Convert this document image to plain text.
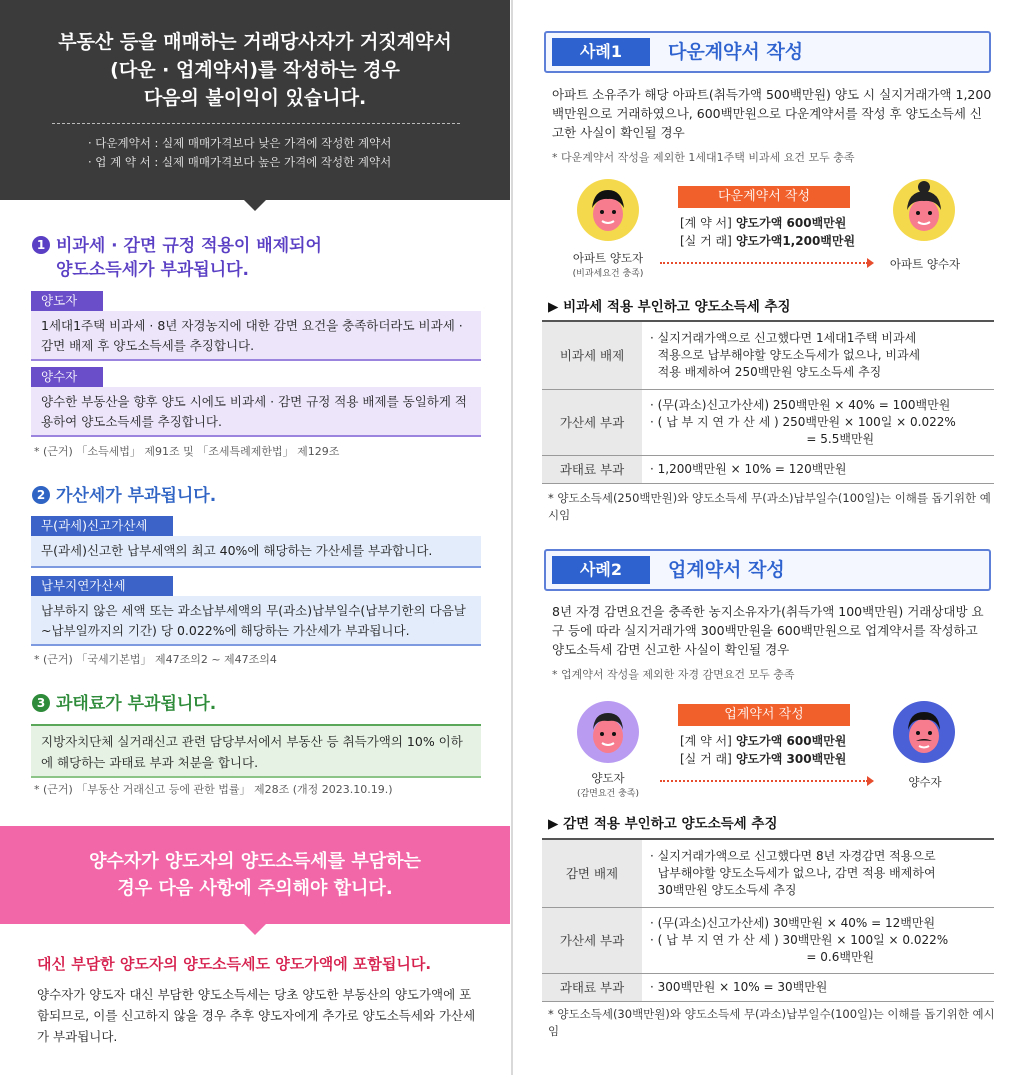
부동산 등을 매매하는 거래당사자가 거짓계약서
(다운 · 업계약서)를 작성하는 경우
다음의 불이익이 있습니다.
· 다운계약서 : 실제 매매가격보다 낮은 가격에 작성한 계약서
· 업 계 약 서 : 실제 매매가격보다 높은 가격에 작성한 계약서
1 비과세 · 감면 규정 적용이 배제되어
양도소득세가 부과됩니다.
양도자
1세대1주택 비과세 · 8년 자경농지에 대한 감면 요건을 충족하더라도 비과세 · 감면 배제 후 양도소득세를 추징합니다.
양수자
양수한 부동산을 향후 양도 시에도 비과세 · 감면 규정 적용 배제를 동일하게 적용하여 양도소득세를 추징합니다.
* (근거) 「소득세법」 제91조 및 「조세특례제한법」 제129조
2 가산세가 부과됩니다.
무(과세)신고가산세
무(과세)신고한 납부세액의 최고 40%에 해당하는 가산세를 부과합니다.
납부지연가산세
납부하지 않은 세액 또는 과소납부세액의 무(과소)납부일수(납부기한의 다음날~납부일까지의 기간) 당 0.022%에 해당하는 가산세가 부과됩니다.
* (근거) 「국세기본법」 제47조의2 ~ 제47조의4
3 과태료가 부과됩니다.
지방자치단체 실거래신고 관련 담당부서에서 부동산 등 취득가액의 10% 이하에 해당하는 과태료 부과 처분을 합니다.
* (근거) 「부동산 거래신고 등에 관한 법률」 제28조 (개정 2023.10.19.)
양수자가 양도자의 양도소득세를 부담하는
경우 다음 사항에 주의해야 합니다.
대신 부담한 양도자의 양도소득세도 양도가액에 포함됩니다.
양수자가 양도자 대신 부담한 양도소득세는 당초 양도한 부동산의 양도가액에 포함되므로, 이를 신고하지 않을 경우 추후 양도자에게 추가로 양도소득세와 가산세가 부과됩니다.
사례1	다운계약서 작성
아파트 소유주가 해당 아파트(취득가액 500백만원) 양도 시 실지거래가액 1,200백만원으로 거래하였으나, 600백만원으로 다운계약서를 작성 후 양도소득세 신고한 사실이 확인될 경우
* 다운계약서 작성을 제외한 1세대1주택 비과세 요건 모두 충족
아파트 양도자
(비과세요건 충족)
다운계약서 작성
[계 약 서] 양도가액 600백만원
[실 거 래] 양도가액1,200백만원
아파트 양수자
▶ 비과세 적용 부인하고 양도소득세 추징
비과세 배제	· 실지거래가액으로 신고했다면 1세대1주택 비과세
적용으로 납부해야할 양도소득세가 없으나, 비과세
적용 배제하여 250백만원 양도소득세 추징

가산세 부과	· (무(과소)신고가산세) 250백만원 × 40% = 100백만원
· ( 납 부 지 연 가 산 세 ) 250백만원 × 100일 × 0.022%
= 5.5백만원

과태료 부과	· 1,200백만원 × 10% = 120백만원
* 양도소득세(250백만원)와 양도소득세 무(과소)납부일수(100일)는 이해를 돕기위한 예시임
사례2	업계약서 작성
8년 자경 감면요건을 충족한 농지소유자가(취득가액 100백만원) 거래상대방 요구 등에 따라 실지거래가액 300백만원을 600백만원으로 업계약서를 작성하고 양도소득세 감면 신고한 사실이 확인될 경우
* 업계약서 작성을 제외한 자경 감면요건 모두 충족
양도자
(감면요건 충족)
업계약서 작성
[계 약 서] 양도가액 600백만원
[실 거 래] 양도가액 300백만원
양수자
▶ 감면 적용 부인하고 양도소득세 추징
감면 배제	· 실지거래가액으로 신고했다면 8년 자경감면 적용으로
납부해야할 양도소득세가 없으나, 감면 적용 배제하여
30백만원 양도소득세 추징

가산세 부과	· (무(과소)신고가산세) 30백만원 × 40% = 12백만원
· ( 납 부 지 연 가 산 세 ) 30백만원 × 100일 × 0.022%
= 0.6백만원

과태료 부과	· 300백만원 × 10% = 30백만원
* 양도소득세(30백만원)와 양도소득세 무(과소)납부일수(100일)는 이해를 돕기위한 예시임
